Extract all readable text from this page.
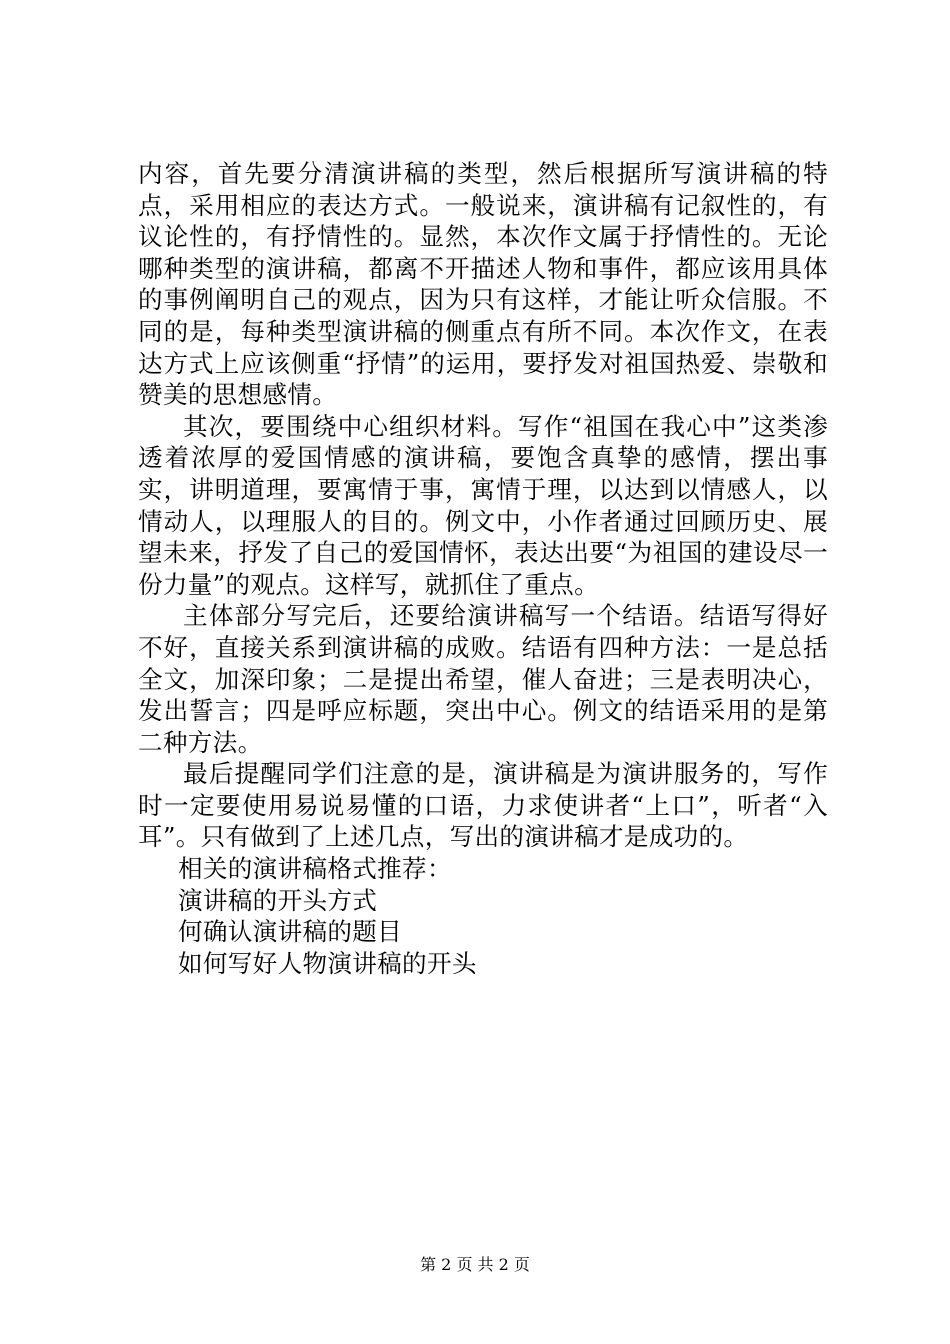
内容，首先要分清演讲稿的类型，然后根据所写演讲稿的特点，采用相应的表达方式。一般说来，演讲稿有记叙性的，有议论性的，有抒情性的。显然，本次作文属于抒情性的。无论哪种类型的演讲稿，都离不开描述人物和事件，都应该用具体的事例阐明自己的观点，因为只有这样，才能让听众信服。不同的是，每种类型演讲稿的侧重点有所不同。本次作文，在表达方式上应该侧重“抒情”的运用，要抒发对祖国热爱、崇敬和赞美的思想感情。

其次，要围绕中心组织材料。写作“祖国在我心中”这类渗透着浓厚的爱国情感的演讲稿，要饱含真挚的感情，摆出事实，讲明道理，要寓情于事，寓情于理，以达到以情感人，以情动人，以理服人的目的。例文中，小作者通过回顾历史、展望未来，抒发了自己的爱国情怀，表达出要“为祖国的建设尽一份力量”的观点。这样写，就抓住了重点。

主体部分写完后，还要给演讲稿写一个结语。结语写得好不好，直接关系到演讲稿的成败。结语有四种方法：一是总括全文，加深印象；二是提出希望，催人奋进；三是表明决心，发出誓言；四是呼应标题，突出中心。例文的结语采用的是第二种方法。

最后提醒同学们注意的是，演讲稿是为演讲服务的，写作时一定要使用易说易懂的口语，力求使讲者“上口”，听者“入耳”。只有做到了上述几点，写出的演讲稿才是成功的。

相关的演讲稿格式推荐：

演讲稿的开头方式

何确认演讲稿的题目

如何写好人物演讲稿的开头

第 2 页 共 2 页
